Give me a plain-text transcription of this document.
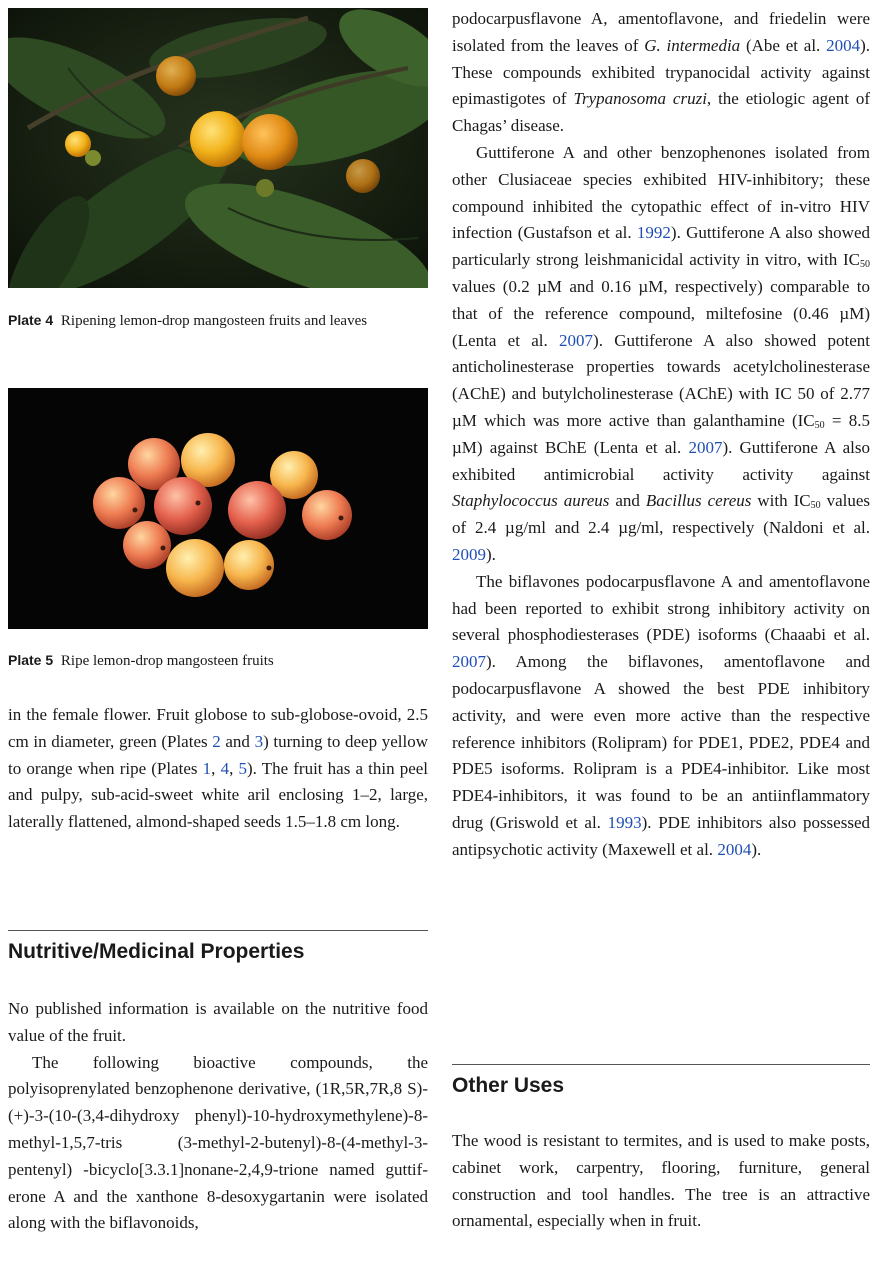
Plate 4 Ripening lemon-drop mangosteen fruits and leaves
Plate 5 Ripe lemon-drop mangosteen fruits

in the female flower. Fruit globose to sub-globose-ovoid, 2.5 cm in diameter, green (Plates 2 and 3) turning to deep yellow to orange when ripe (Plates 1, 4, 5). The fruit has a thin peel and pulpy, sub-acid-sweet white aril enclosing 1–2, large, laterally flattened, almond-shaped seeds 1.5–1.8 cm long.

Nutritive/Medicinal Properties

No published information is available on the nutritive food value of the fruit.

The following bioactive compounds, the polyisoprenylated benzophenone derivative, (1R,5R,7R,8 S)-(+)-3-(10-(3,4-dihydroxy phenyl)-10-hydroxymethylene)-8-methyl-1,5,7-tris (3-methyl-2-butenyl)-8-(4-methyl-3-pentenyl) -bicyclo[3.3.1]nonane-2,4,9-trione named guttiferone A and the xanthone 8-desoxygartanin were isolated along with the biflavonoids,

podocarpusflavone A, amentoflavone, and friedelin were isolated from the leaves of G. intermedia (Abe et al. 2004). These compounds exhibited trypanocidal activity against epimastigotes of Trypanosoma cruzi, the etiologic agent of Chagas’ disease.

Guttiferone A and other benzophenones isolated from other Clusiaceae species exhibited HIV-inhibitory; these compound inhibited the cytopathic effect of in-vitro HIV infection (Gustafson et al. 1992). Guttiferone A also showed particularly strong leishmanicidal activity in vitro, with $IC_{50}$ values (0.2 µM and 0.16 µM, respectively) comparable to that of the reference compound, miltefosine (0.46 µM) (Lenta et al. 2007). Guttiferone A also showed potent anticholinesterase properties towards acetylcholinesterase (AChE) and butylcholinesterase (AChE) with IC 50 of 2.77 µM which was more active than galanthamine ($IC_{50} = 8.5$ µM) against BChE (Lenta et al. 2007). Guttiferone A also exhibited antimicrobial activity activity against Staphylococcus aureus and Bacillus cereus with $IC_{50}$ values of 2.4 µg/ml and 2.4 µg/ml, respectively (Naldoni et al. 2009).

The biflavones podocarpusflavone A and amentoflavone had been reported to exhibit strong inhibitory activity on several phosphodiesterases (PDE) isoforms (Chaaabi et al. 2007). Among the biflavones, amentoflavone and podocarpusflavone A showed the best PDE inhibitory activity, and were even more active than the respective reference inhibitors (Rolipram) for PDE1, PDE2, PDE4 and PDE5 isoforms. Rolipram is a PDE4-inhibitor. Like most PDE4-inhibitors, it was found to be an antiinflammatory drug (Griswold et al. 1993). PDE inhibitors also possessed antipsychotic activity (Maxewell et al. 2004).

Other Uses

The wood is resistant to termites, and is used to make posts, cabinet work, carpentry, flooring, furniture, general construction and tool handles. The tree is an attractive ornamental, especially when in fruit.
